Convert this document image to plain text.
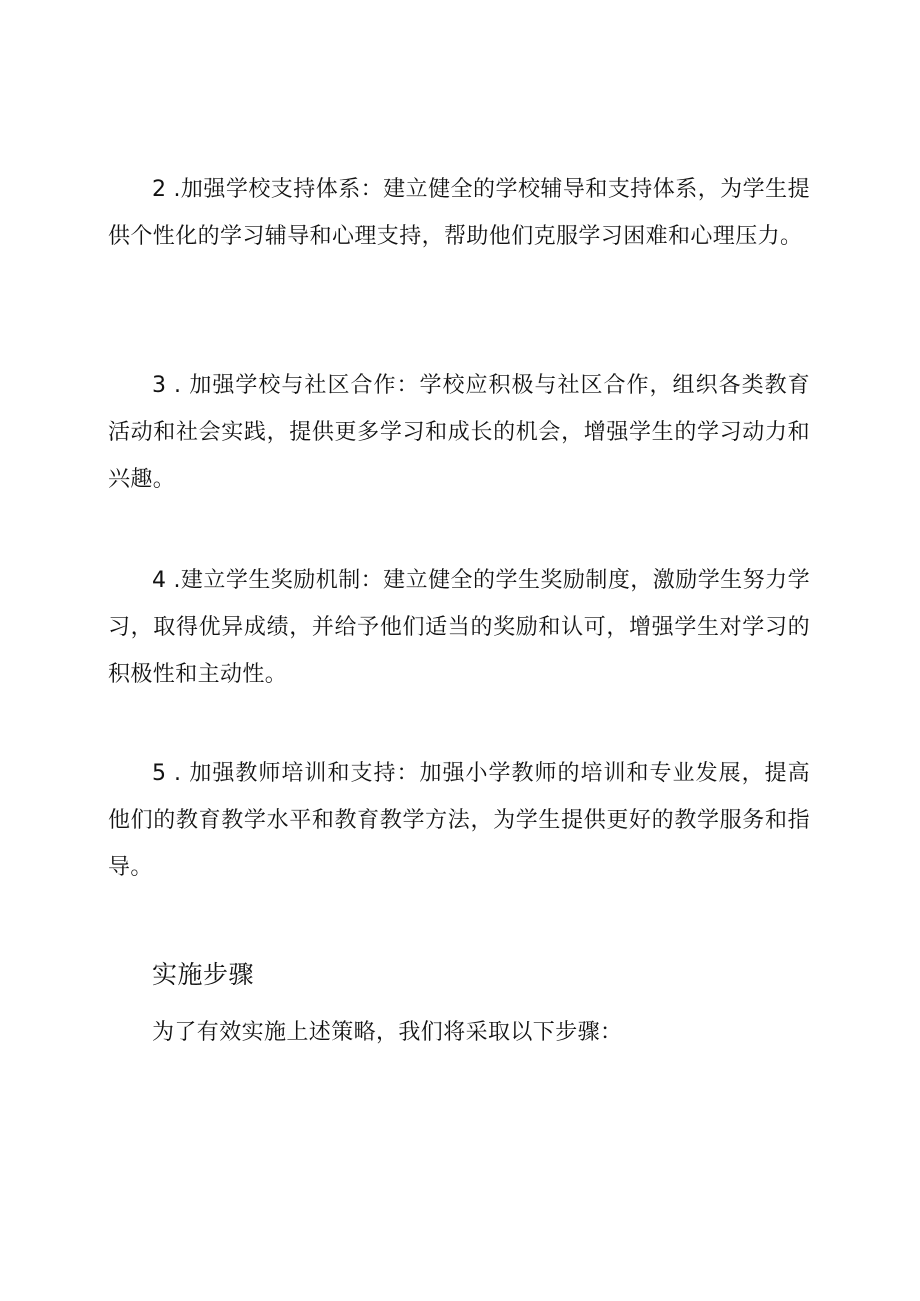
2 .加强学校支持体系：建立健全的学校辅导和支持体系，为学生提供个性化的学习辅导和心理支持，帮助他们克服学习困难和心理压力。

3 . 加强学校与社区合作：学校应积极与社区合作，组织各类教育活动和社会实践，提供更多学习和成长的机会，增强学生的学习动力和兴趣。

4 .建立学生奖励机制：建立健全的学生奖励制度，激励学生努力学习，取得优异成绩，并给予他们适当的奖励和认可，增强学生对学习的积极性和主动性。

5 . 加强教师培训和支持：加强小学教师的培训和专业发展，提高他们的教育教学水平和教育教学方法，为学生提供更好的教学服务和指导。

实施步骤

为了有效实施上述策略，我们将采取以下步骤：
